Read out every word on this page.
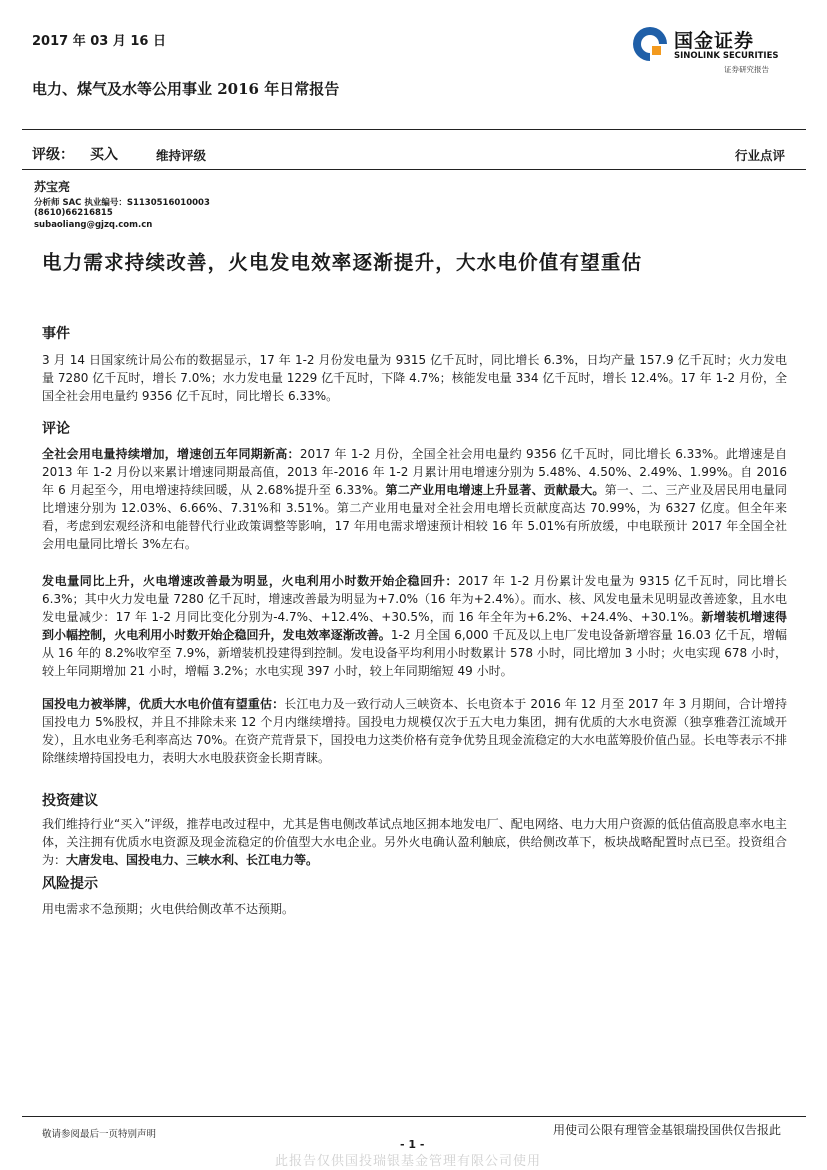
2017 年 03 月 16 日	国金证券
SINOLINK SECURITIES
证券研究报告
电力、煤气及水等公用事业 2016 年日常报告
评级： 买入	维持评级	行业点评
苏宝亮
分析师 SAC 执业编号：S1130516010003
(8610)66216815
subaoliang@gjzq.com.cn
电力需求持续改善，火电发电效率逐渐提升，大水电价值有望重估
事件
3 月 14 日国家统计局公布的数据显示，17 年 1-2 月份发电量为 9315 亿千瓦时，同比增长 6.3%，日均产量 157.9 亿千瓦时；火力发电量 7280 亿千瓦时，增长 7.0%；水力发电量 1229 亿千瓦时，下降 4.7%；核能发电量 334 亿千瓦时，增长 12.4%。17 年 1-2 月份，全国全社会用电量约 9356 亿千瓦时，同比增长 6.33%。
评论
全社会用电量持续增加，增速创五年同期新高：2017 年 1-2 月份，全国全社会用电量约 9356 亿千瓦时，同比增长 6.33%。此增速是自 2013 年 1-2 月份以来累计增速同期最高值，2013 年-2016 年 1-2 月累计用电增速分别为 5.48%、4.50%、2.49%、1.99%。自 2016 年 6 月起至今，用电增速持续回暖，从 2.68%提升至 6.33%。第二产业用电增速上升显著、贡献最大。第一、二、三产业及居民用电量同比增速分别为 12.03%、6.66%、7.31%和 3.51%。第二产业用电量对全社会用电增长贡献度高达 70.99%，为 6327 亿度。但全年来看，考虑到宏观经济和电能替代行业政策调整等影响，17 年用电需求增速预计相较 16 年 5.01%有所放缓，中电联预计 2017 年全国全社会用电量同比增长 3%左右。
发电量同比上升，火电增速改善最为明显，火电利用小时数开始企稳回升：2017 年 1-2 月份累计发电量为 9315 亿千瓦时，同比增长 6.3%；其中火力发电量 7280 亿千瓦时，增速改善最为明显为+7.0%（16 年为+2.4%）。而水、核、风发电量未见明显改善迹象，且水电发电量减少：17 年 1-2 月同比变化分别为-4.7%、+12.4%、+30.5%，而 16 年全年为+6.2%、+24.4%、+30.1%。新增装机增速得到小幅控制，火电利用小时数开始企稳回升，发电效率逐渐改善。1-2 月全国 6,000 千瓦及以上电厂发电设备新增容量 16.03 亿千瓦，增幅从 16 年的 8.2%收窄至 7.9%，新增装机投建得到控制。发电设备平均利用小时数累计 578 小时，同比增加 3 小时；火电实现 678 小时，较上年同期增加 21 小时，增幅 3.2%；水电实现 397 小时，较上年同期缩短 49 小时。
国投电力被举牌，优质大水电价值有望重估：长江电力及一致行动人三峡资本、长电资本于 2016 年 12 月至 2017 年 3 月期间，合计增持国投电力 5%股权，并且不排除未来 12 个月内继续增持。国投电力规模仅次于五大电力集团，拥有优质的大水电资源（独享雅砻江流域开发），且水电业务毛利率高达 70%。在资产荒背景下，国投电力这类价格有竞争优势且现金流稳定的大水电蓝筹股价值凸显。长电等表示不排除继续增持国投电力，表明大水电股获资金长期青睐。
投资建议
我们维持行业“买入”评级，推荐电改过程中，尤其是售电侧改革试点地区拥本地发电厂、配电网络、电力大用户资源的低估值高股息率水电主体，关注拥有优质水电资源及现金流稳定的价值型大水电企业。另外火电确认盈利触底，供给侧改革下，板块战略配置时点已至。投资组合为：大唐发电、国投电力、三峡水利、长江电力等。
风险提示
用电需求不急预期；火电供给侧改革不达预期。
- 1 -
敬请参阅最后一页特别声明	用使司公限有理管金基银瑞投国供仅告报此
此报告仅供国投瑞银基金管理有限公司使用
